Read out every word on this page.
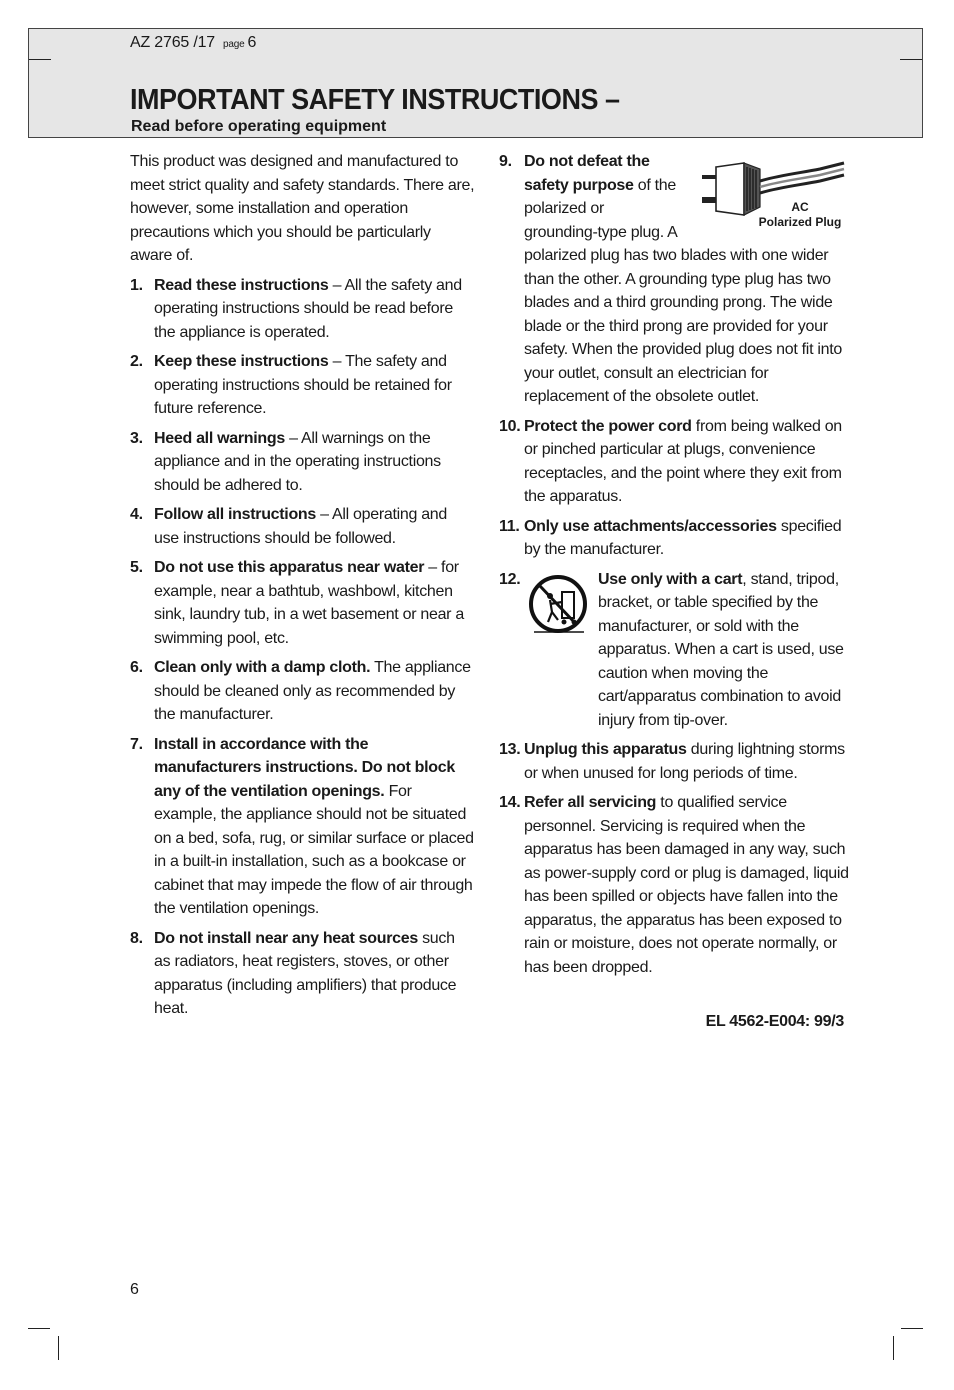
AZ 2765 /17 page 6
IMPORTANT SAFETY INSTRUCTIONS –
Read before operating equipment

This product was designed and manufactured to meet strict quality and safety standards. There are, however, some installation and operation precautions which you should be particularly aware of.

1. Read these instructions – All the safety and operating instructions should be read before the appliance is operated.
2. Keep these instructions – The safety and operating instructions should be retained for future reference.
3. Heed all warnings – All warnings on the appliance and in the operating instructions should be adhered to.
4. Follow all instructions – All operating and use instructions should be followed.
5. Do not use this apparatus near water – for example, near a bathtub, washbowl, kitchen sink, laundry tub, in a wet basement or near a swimming pool, etc.
6. Clean only with a damp cloth. The appliance should be cleaned only as recommended by the manufacturer.
7. Install in accordance with the manufacturers instructions. Do not block any of the ventilation openings. For example, the appliance should not be situated on a bed, sofa, rug, or similar surface or placed in a built-in installation, such as a bookcase or cabinet that may impede the flow of air through the ventilation openings.
8. Do not install near any heat sources such as radiators, heat registers, stoves, or other apparatus (including amplifiers) that produce heat.
9. Do not defeat the safety purpose of the polarized or grounding-type plug. A polarized plug has two blades with one wider than the other. A grounding type plug has two blades and a third grounding prong. The wide blade or the third prong are provided for your safety. When the provided plug does not fit into your outlet, consult an electrician for replacement of the obsolete outlet.
10. Protect the power cord from being walked on or pinched particular at plugs, convenience receptacles, and the point where they exit from the apparatus.
11. Only use attachments/accessories specified by the manufacturer.
12.	Use only with a cart, stand, tripod, bracket, or table specified by the manufacturer, or sold with the apparatus. When a cart is used, use caution when moving the cart/apparatus combination to avoid injury from tip-over.
13. Unplug this apparatus during lightning storms or when unused for long periods of time.
14. Refer all servicing to qualified service personnel. Servicing is required when the apparatus has been damaged in any way, such as power-supply cord or plug is damaged, liquid has been spilled or objects have fallen into the apparatus, the apparatus has been exposed to rain or moisture, does not operate normally, or has been dropped.
AC
Polarized Plug
EL 4562-E004: 99/3
6
